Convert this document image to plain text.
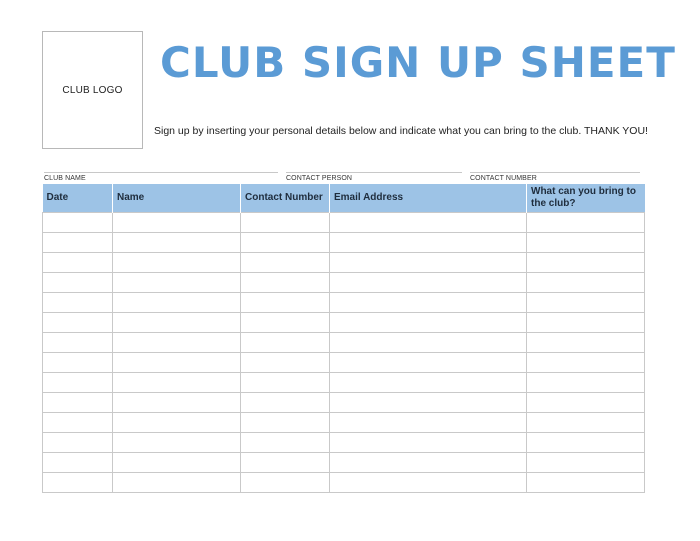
CLUB LOGO
CLUB SIGN UP SHEET
Sign up by inserting your personal details below and indicate what you can bring to the club. THANK YOU!
CLUB NAME	CONTACT PERSON	CONTACT NUMBER
Date	Name	Contact Number	Email Address	What can you bring to the club?
